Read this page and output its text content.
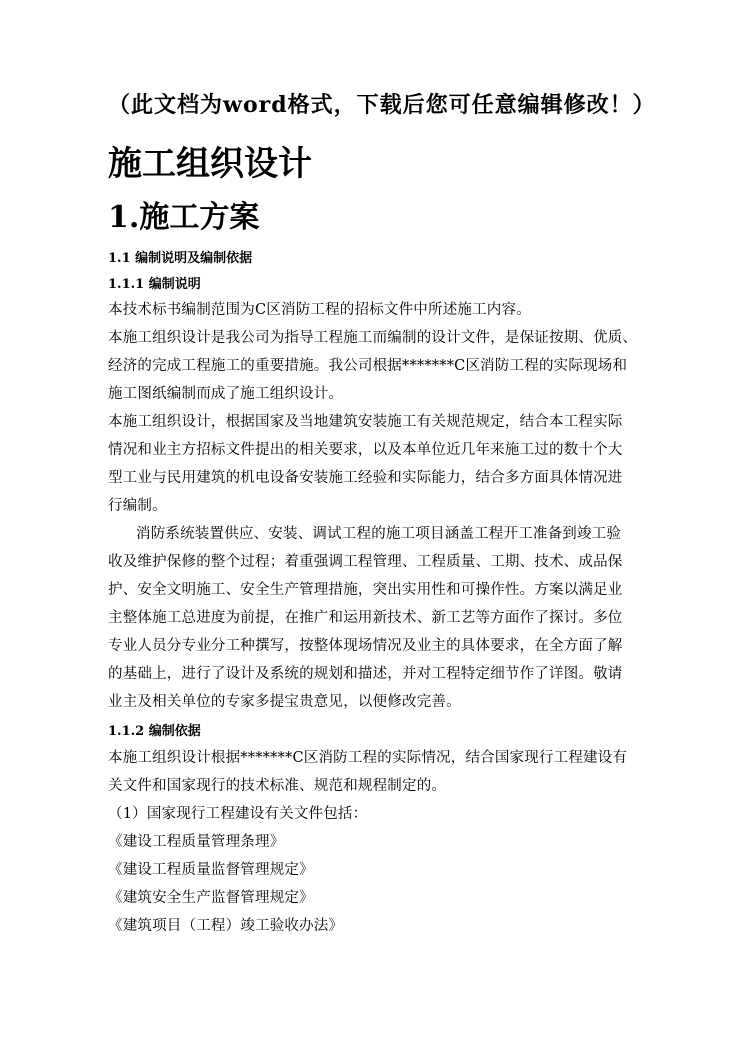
（此文档为word格式，下载后您可任意编辑修改！）
施工组织设计
1.施工方案
1.1 编制说明及编制依据
1.1.1 编制说明
本技术标书编制范围为C区消防工程的招标文件中所述施工内容。
本施工组织设计是我公司为指导工程施工而编制的设计文件，是保证按期、优质、
经济的完成工程施工的重要措施。我公司根据*******C区消防工程的实际现场和
施工图纸编制而成了施工组织设计。
本施工组织设计，根据国家及当地建筑安装施工有关规范规定，结合本工程实际
情况和业主方招标文件提出的相关要求，以及本单位近几年来施工过的数十个大
型工业与民用建筑的机电设备安装施工经验和实际能力，结合多方面具体情况进
行编制。
消防系统装置供应、安装、调试工程的施工项目涵盖工程开工准备到竣工验
收及维护保修的整个过程；着重强调工程管理、工程质量、工期、技术、成品保
护、安全文明施工、安全生产管理措施，突出实用性和可操作性。方案以满足业
主整体施工总进度为前提，在推广和运用新技术、新工艺等方面作了探讨。多位
专业人员分专业分工种撰写，按整体现场情况及业主的具体要求，在全方面了解
的基础上，进行了设计及系统的规划和描述，并对工程特定细节作了详图。敬请
业主及相关单位的专家多提宝贵意见，以便修改完善。
1.1.2 编制依据
本施工组织设计根据*******C区消防工程的实际情况，结合国家现行工程建设有
关文件和国家现行的技术标准、规范和规程制定的。
（1）国家现行工程建设有关文件包括：
《建设工程质量管理条理》
《建设工程质量监督管理规定》
《建筑安全生产监督管理规定》
《建筑项目（工程）竣工验收办法》
